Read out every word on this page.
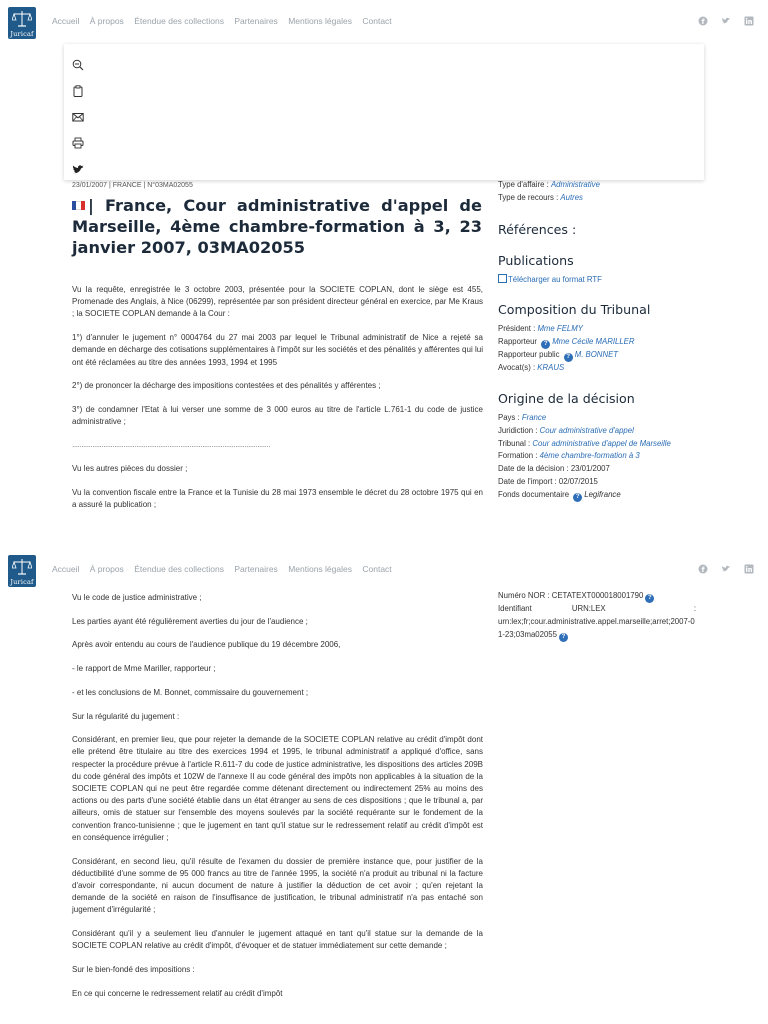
Juricaf
Accueil À propos Étendue des collections Partenaires Mentions légales Contact	f
23/01/2007 | FRANCE | N°03MA02055
| France, Cour administrative d'appel de Marseille, 4ème chambre-formation à 3, 23 janvier 2007, 03MA02055

Vu la requête, enregistrée le 3 octobre 2003, présentée pour la SOCIETE COPLAN, dont le siège est 455, Promenade des Anglais, à Nice (06299), représentée par son président directeur général en exercice, par Me Kraus ; la SOCIETE COPLAN demande à la Cour :

1°) d'annuler le jugement n° 0004764 du 27 mai 2003 par lequel le Tribunal administratif de Nice a rejeté sa demande en décharge des cotisations supplémentaires à l'impôt sur les sociétés et des pénalités y afférentes qui lui ont été réclamées au titre des années 1993, 1994 et 1995

2°) de prononcer la décharge des impositions contestées et des pénalités y afférentes ;

3°) de condamner l'Etat à lui verser une somme de 3 000 euros au titre de l'article L.761-1 du code de justice administrative ;

………………………………………………………………………………………………

Vu les autres pièces du dossier ;

Vu la convention fiscale entre la France et la Tunisie du 28 mai 1973 ensemble le décret du 28 octobre 1975 qui en a assuré la publication ;

Type d'affaire : Administrative
Type de recours : Autres
Références :
Publications
Télécharger au format RTF
Composition du Tribunal
Président : Mme FELMY
Rapporteur ? Mme Cécile MARILLER
Rapporteur public ? M. BONNET
Avocat(s) : KRAUS
Origine de la décision
Pays : France
Juridiction : Cour administrative d'appel
Tribunal : Cour administrative d'appel de Marseille
Formation : 4ème chambre-formation à 3
Date de la décision : 23/01/2007
Date de l'import : 02/07/2015
Fonds documentaire ? Legifrance
Juricaf
Accueil À propos Étendue des collections Partenaires Mentions légales Contact	f
Numéro NOR : CETATEXT000018001790 ?
Identifiant	URN:LEX	:
urn:lex;fr;cour.administrative.appel.marseille;arret;2007-01-23;03ma02055 ?

Vu le code de justice administrative ;

Les parties ayant été régulièrement averties du jour de l'audience ;

Après avoir entendu au cours de l'audience publique du 19 décembre 2006,

- le rapport de Mme Mariller, rapporteur ;

- et les conclusions de M. Bonnet, commissaire du gouvernement ;

Sur la régularité du jugement :

Considérant, en premier lieu, que pour rejeter la demande de la SOCIETE COPLAN relative au crédit d'impôt dont elle prétend être titulaire au titre des exercices 1994 et 1995, le tribunal administratif a appliqué d'office, sans respecter la procédure prévue à l'article R.611-7 du code de justice administrative, les dispositions des articles 209B du code général des impôts et 102W de l'annexe II au code général des impôts non applicables à la situation de la SOCIETE COPLAN qui ne peut être regardée comme détenant directement ou indirectement 25% au moins des actions ou des parts d'une société établie dans un état étranger au sens de ces dispositions ; que le tribunal a, par ailleurs, omis de statuer sur l'ensemble des moyens soulevés par la société requérante sur le fondement de la convention franco-tunisienne ; que le jugement en tant qu'il statue sur le redressement relatif au crédit d'impôt est en conséquence irrégulier ;

Considérant, en second lieu, qu'il résulte de l'examen du dossier de première instance que, pour justifier de la déductibilité d'une somme de 95 000 francs au titre de l'année 1995, la société n'a produit au tribunal ni la facture d'avoir correspondante, ni aucun document de nature à justifier la déduction de cet avoir ; qu'en rejetant la demande de la société en raison de l'insuffisance de justification, le tribunal administratif n'a pas entaché son jugement d'irrégularité ;

Considérant qu'il y a seulement lieu d'annuler le jugement attaqué en tant qu'il statue sur la demande de la SOCIETE COPLAN relative au crédit d'impôt, d'évoquer et de statuer immédiatement sur cette demande ;

Sur le bien-fondé des impositions :

En ce qui concerne le redressement relatif au crédit d'impôt
